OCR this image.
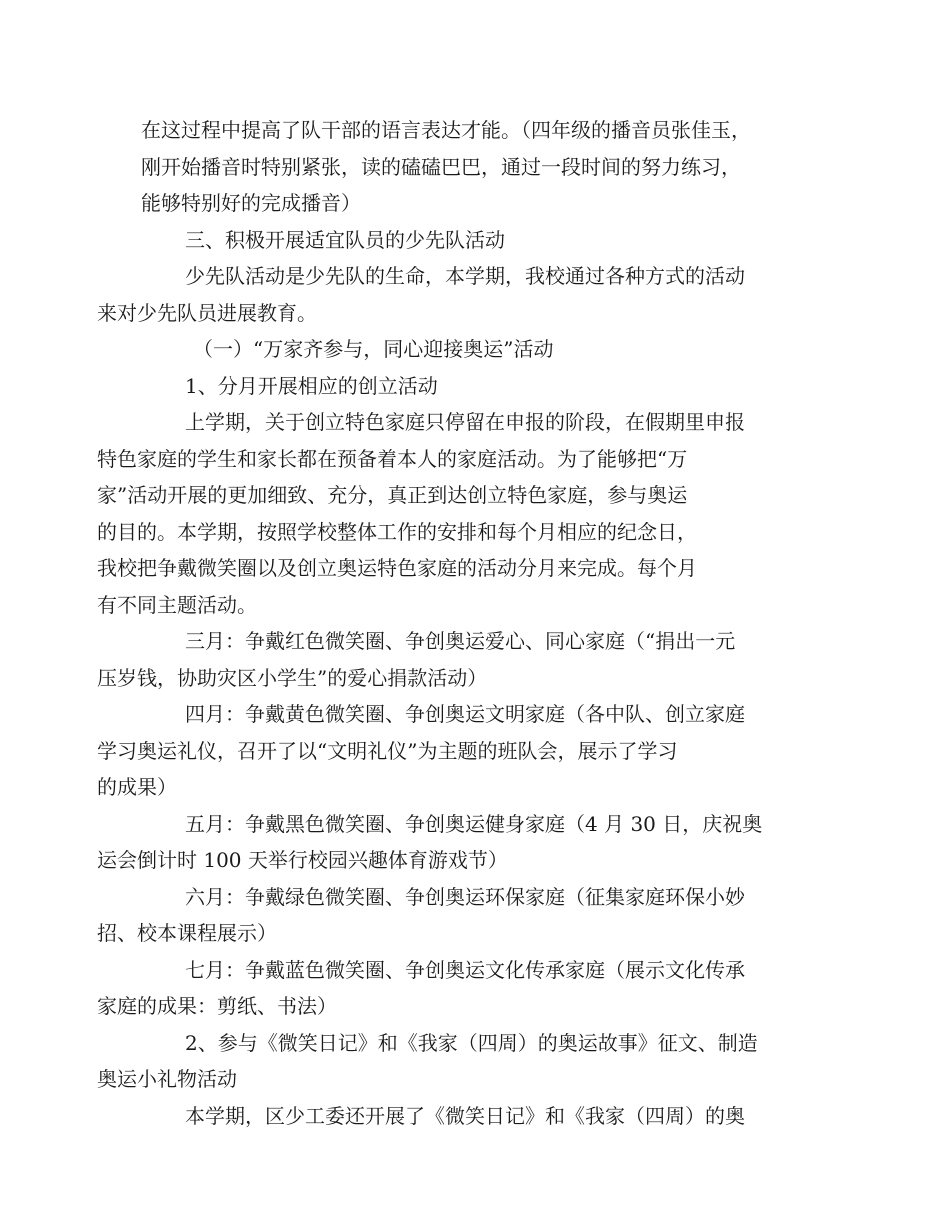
在这过程中提高了队干部的语言表达才能。（四年级的播音员张佳玉，
刚开始播音时特别紧张，读的磕磕巴巴，通过一段时间的努力练习，
能够特别好的完成播音）

三、积极开展适宜队员的少先队活动

少先队活动是少先队的生命，本学期，我校通过各种方式的活动
来对少先队员进展教育。

（一）“万家齐参与，同心迎接奥运”活动

1、分月开展相应的创立活动

上学期，关于创立特色家庭只停留在申报的阶段，在假期里申报
特色家庭的学生和家长都在预备着本人的家庭活动。为了能够把“万
家”活动开展的更加细致、充分，真正到达创立特色家庭，参与奥运
的目的。本学期，按照学校整体工作的安排和每个月相应的纪念日，
我校把争戴微笑圈以及创立奥运特色家庭的活动分月来完成。每个月
有不同主题活动。

三月：争戴红色微笑圈、争创奥运爱心、同心家庭（“捐出一元
压岁钱，协助灾区小学生”的爱心捐款活动）

四月：争戴黄色微笑圈、争创奥运文明家庭（各中队、创立家庭
学习奥运礼仪，召开了以“文明礼仪”为主题的班队会，展示了学习
的成果）

五月：争戴黑色微笑圈、争创奥运健身家庭（4 月 30 日，庆祝奥
运会倒计时 100 天举行校园兴趣体育游戏节）

六月：争戴绿色微笑圈、争创奥运环保家庭（征集家庭环保小妙
招、校本课程展示）

七月：争戴蓝色微笑圈、争创奥运文化传承家庭（展示文化传承
家庭的成果：剪纸、书法）

2、参与《微笑日记》和《我家（四周）的奥运故事》征文、制造
奥运小礼物活动

本学期，区少工委还开展了《微笑日记》和《我家（四周）的奥
